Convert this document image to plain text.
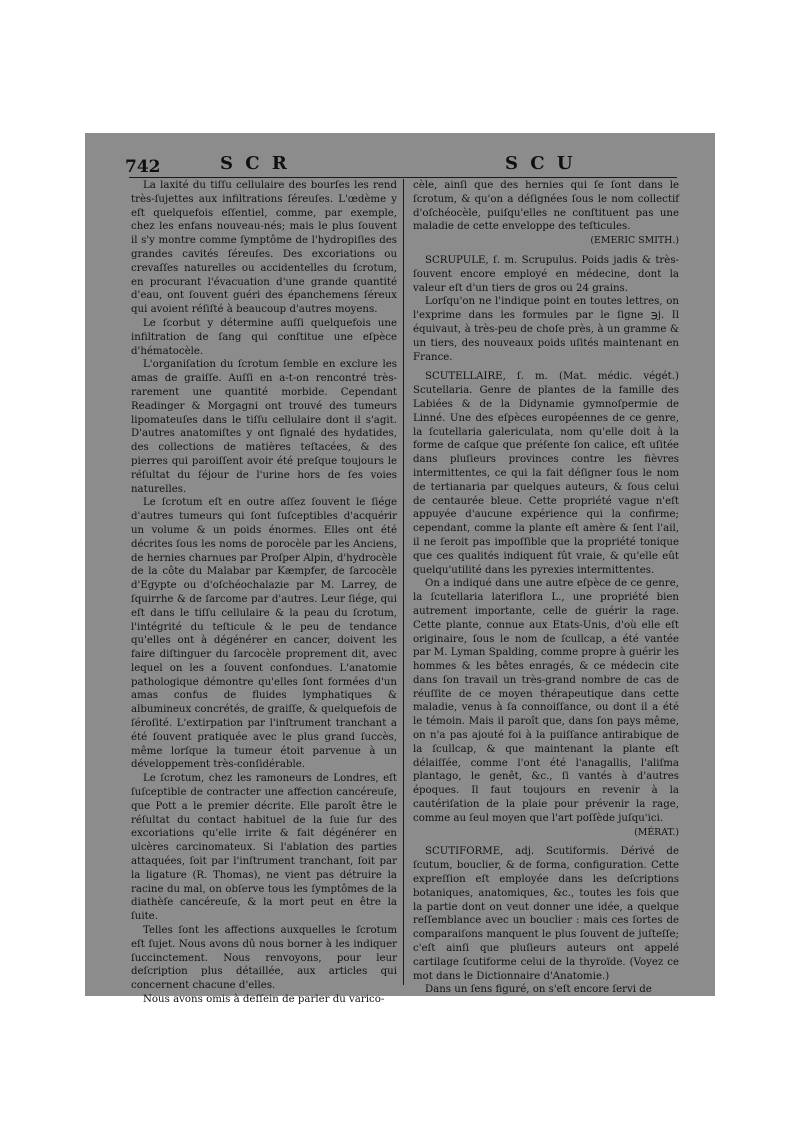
742	S C R	S C U

La laxité du tiſſu cellulaire des bourſes les rend très-ſujettes aux infiltrations ſéreuſes. L'œdème y eſt quelquefois eſſentiel, comme, par exemple, chez les enfans nouveau-nés; mais le plus ſouvent il s'y montre comme ſymptôme de l'hydropiſies des grandes cavités ſéreuſes. Des excoriations ou crevaſſes naturelles ou accidentelles du ſcrotum, en procurant l'évacuation d'une grande quantité d'eau, ont ſouvent guéri des épanchemens ſéreux qui avoient réſiſté à beaucoup d'autres moyens.

Le ſcorbut y détermine auſſi quelquefois une infiltration de ſang qui conſtitue une eſpèce d'hématocèle.

L'organiſation du ſcrotum ſemble en exclure les amas de graiſſe. Auſſi en a-t-on rencontré très-rarement une quantité morbide. Cependant Readinger & Morgagni ont trouvé des tumeurs lipomateuſes dans le tiſſu cellulaire dont il s'agit. D'autres anatomiſtes y ont ſignalé des hydatides, des collections de matières teſtacées, & des pierres qui paroiſſent avoir été preſque toujours le réſultat du ſéjour de l'urine hors de ſes voies naturelles.

Le ſcrotum eſt en outre aſſez ſouvent le ſiége d'autres tumeurs qui ſont ſuſceptibles d'acquérir un volume & un poids énormes. Elles ont été décrites ſous les noms de porocèle par les Anciens, de hernies charnues par Proſper Alpin, d'hydrocèle de la côte du Malabar par Kæmpfer, de ſarcocèle d'Egypte ou d'oſchéochalazie par M. Larrey, de ſquirrhe & de ſarcome par d'autres. Leur ſiége, qui eſt dans le tiſſu cellulaire & la peau du ſcrotum, l'intégrité du teſticule & le peu de tendance qu'elles ont à dégénérer en cancer, doivent les faire diſtinguer du ſarcocèle proprement dit, avec lequel on les a ſouvent confondues. L'anatomie pathologique démontre qu'elles ſont formées d'un amas confus de fluides lymphatiques & albumineux concrétés, de graiſſe, & quelquefois de ſéroſité. L'extirpation par l'inſtrument tranchant a été ſouvent pratiquée avec le plus grand ſuccès, même lorſque la tumeur étoit parvenue à un développement très-conſidérable.

Le ſcrotum, chez les ramoneurs de Londres, eſt ſuſceptible de contracter une affection cancéreuſe, que Pott a le premier décrite. Elle paroît être le réſultat du contact habituel de la ſuie ſur des excoriations qu'elle irrite & fait dégénérer en ulcères carcinomateux. Si l'ablation des parties attaquées, ſoit par l'inſtrument tranchant, ſoit par la ligature (R. Thomas), ne vient pas détruire la racine du mal, on obſerve tous les ſymptômes de la diathèſe cancéreuſe, & la mort peut en être la ſuite.

Telles ſont les affections auxquelles le ſcrotum eſt ſujet. Nous avons dû nous borner à les indiquer ſuccinctement. Nous renvoyons, pour leur deſcription plus détaillée, aux articles qui concernent chacune d'elles.

Nous avons omis à deſſein de parler du varico-

cèle, ainſi que des hernies qui ſe ſont dans le ſcrotum, & qu'on a déſignées ſous le nom collectif d'oſchéocèle, puiſqu'elles ne conſtituent pas une maladie de cette enveloppe des teſticules.

(EMERIC SMITH.)

SCRUPULE, ſ. m. Scrupulus. Poids jadis & très-ſouvent encore employé en médecine, dont la valeur eſt d'un tiers de gros ou 24 grains.

Lorſqu'on ne l'indique point en toutes lettres, on l'exprime dans les formules par le ſigne ℈j. Il équivaut, à très-peu de choſe près, à un gramme & un tiers, des nouveaux poids uſités maintenant en France.

SCUTELLAIRE, ſ. m. (Mat. médic. végét.) Scutellaria. Genre de plantes de la famille des Labiées & de la Didynamie gymnoſpermie de Linné. Une des eſpèces européennes de ce genre, la ſcutellaria galericulata, nom qu'elle doit à la forme de caſque que préſente ſon calice, eſt uſitée dans pluſieurs provinces contre les fièvres intermittentes, ce qui la fait déſigner ſous le nom de tertianaria par quelques auteurs, & ſous celui de centaurée bleue. Cette propriété vague n'eſt appuyée d'aucune expérience qui la confirme; cependant, comme la plante eſt amère & ſent l'ail, il ne ſeroit pas impoſſible que la propriété tonique que ces qualités indiquent fût vraie, & qu'elle eût quelqu'utilité dans les pyrexies intermittentes.

On a indiqué dans une autre eſpèce de ce genre, la ſcutellaria lateriflora L., une propriété bien autrement importante, celle de guérir la rage. Cette plante, connue aux Etats-Unis, d'où elle eſt originaire, ſous le nom de ſcullcap, a été vantée par M. Lyman Spalding, comme propre à guérir les hommes & les bêtes enragés, & ce médecin cite dans ſon travail un très-grand nombre de cas de réuſſite de ce moyen thérapeutique dans cette maladie, venus à ſa connoiſſance, ou dont il a été le témoin. Mais il paroît que, dans ſon pays même, on n'a pas ajouté foi à la puiſſance antirabique de la ſcullcap, & que maintenant la plante eſt délaiſſée, comme l'ont été l'anagallis, l'aliſma plantago, le genêt, &c., ſi vantés à d'autres époques. Il faut toujours en revenir à la cautériſation de la plaie pour prévenir la rage, comme au ſeul moyen que l'art poſſède juſqu'ici.

(MÉRAT.)

SCUTIFORME, adj. Scutiformis. Dérivé de ſcutum, bouclier, & de forma, configuration. Cette expreſſion eſt employée dans les deſcriptions botaniques, anatomiques, &c., toutes les fois que la partie dont on veut donner une idée, a quelque reſſemblance avec un bouclier : mais ces ſortes de comparaiſons manquent le plus ſouvent de juſteſſe; c'eſt ainſi que pluſieurs auteurs ont appelé cartilage ſcutiforme celui de la thyroïde. (Voyez ce mot dans le Dictionnaire d'Anatomie.)

Dans un ſens figuré, on s'eſt encore ſervi de
